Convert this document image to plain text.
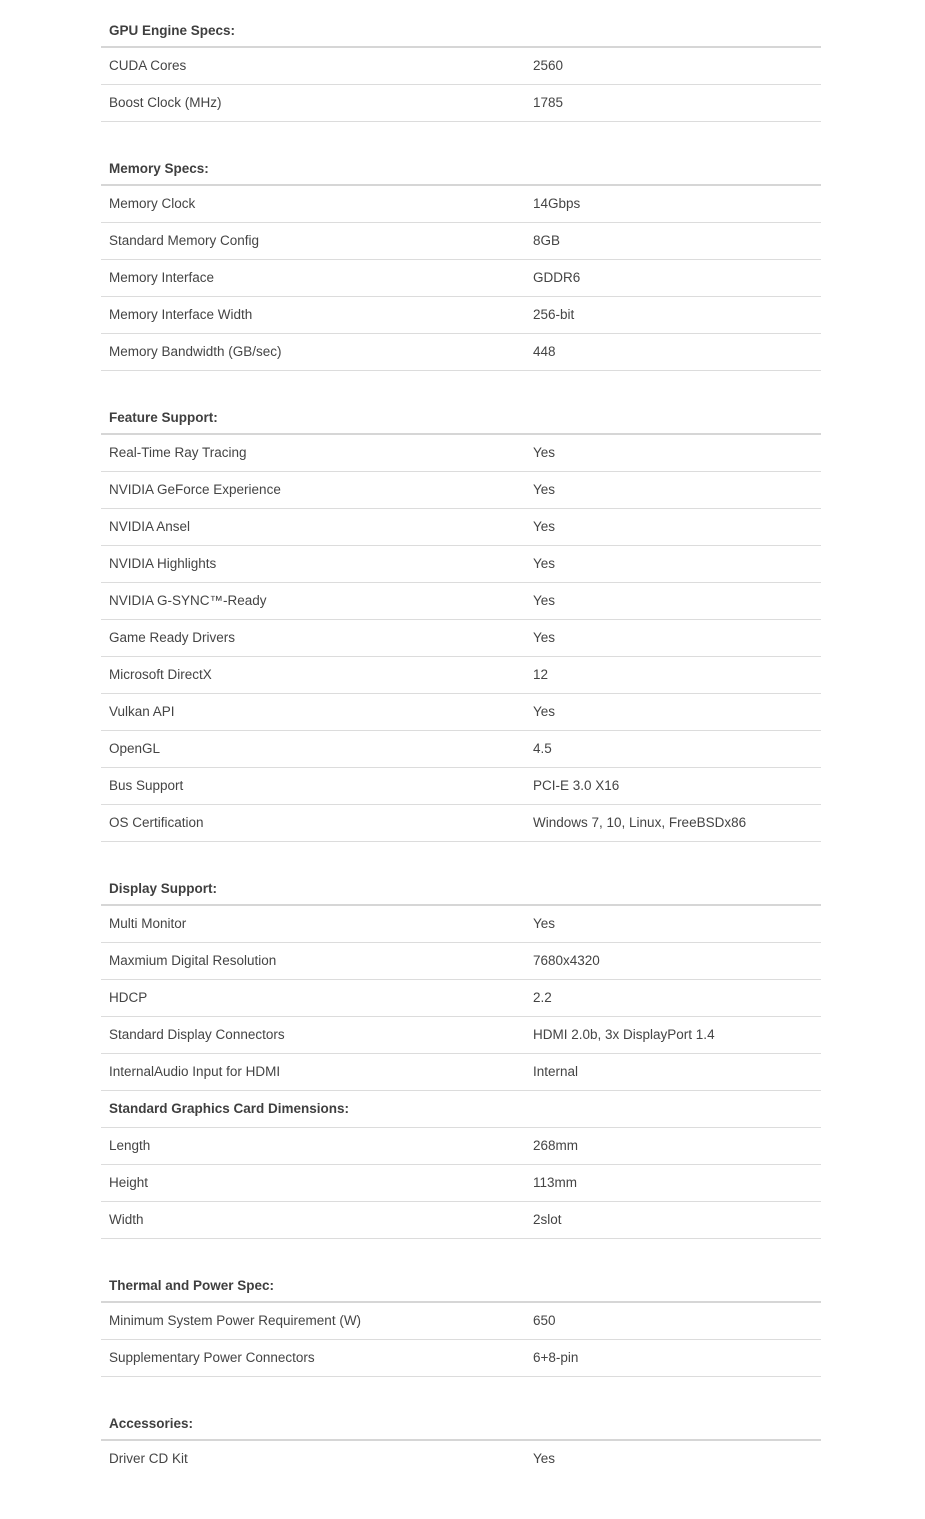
GPU Engine Specs:
CUDA Cores	2560
Boost Clock (MHz)	1785
Memory Specs:
Memory Clock	14Gbps
Standard Memory Config	8GB
Memory Interface	GDDR6
Memory Interface Width	256-bit
Memory Bandwidth (GB/sec)	448
Feature Support:
Real-Time Ray Tracing	Yes
NVIDIA GeForce Experience	Yes
NVIDIA Ansel	Yes
NVIDIA Highlights	Yes
NVIDIA G-SYNC™-Ready	Yes
Game Ready Drivers	Yes
Microsoft DirectX	12
Vulkan API	Yes
OpenGL	4.5
Bus Support	PCI-E 3.0 X16
OS Certification	Windows 7, 10, Linux, FreeBSDx86
Display Support:
Multi Monitor	Yes
Maxmium Digital Resolution	7680x4320
HDCP	2.2
Standard Display Connectors	HDMI 2.0b, 3x DisplayPort 1.4
InternalAudio Input for HDMI	Internal
Standard Graphics Card Dimensions:
Length	268mm
Height	113mm
Width	2slot
Thermal and Power Spec:
Minimum System Power Requirement (W)	650
Supplementary Power Connectors	6+8-pin
Accessories:
Driver CD Kit	Yes
